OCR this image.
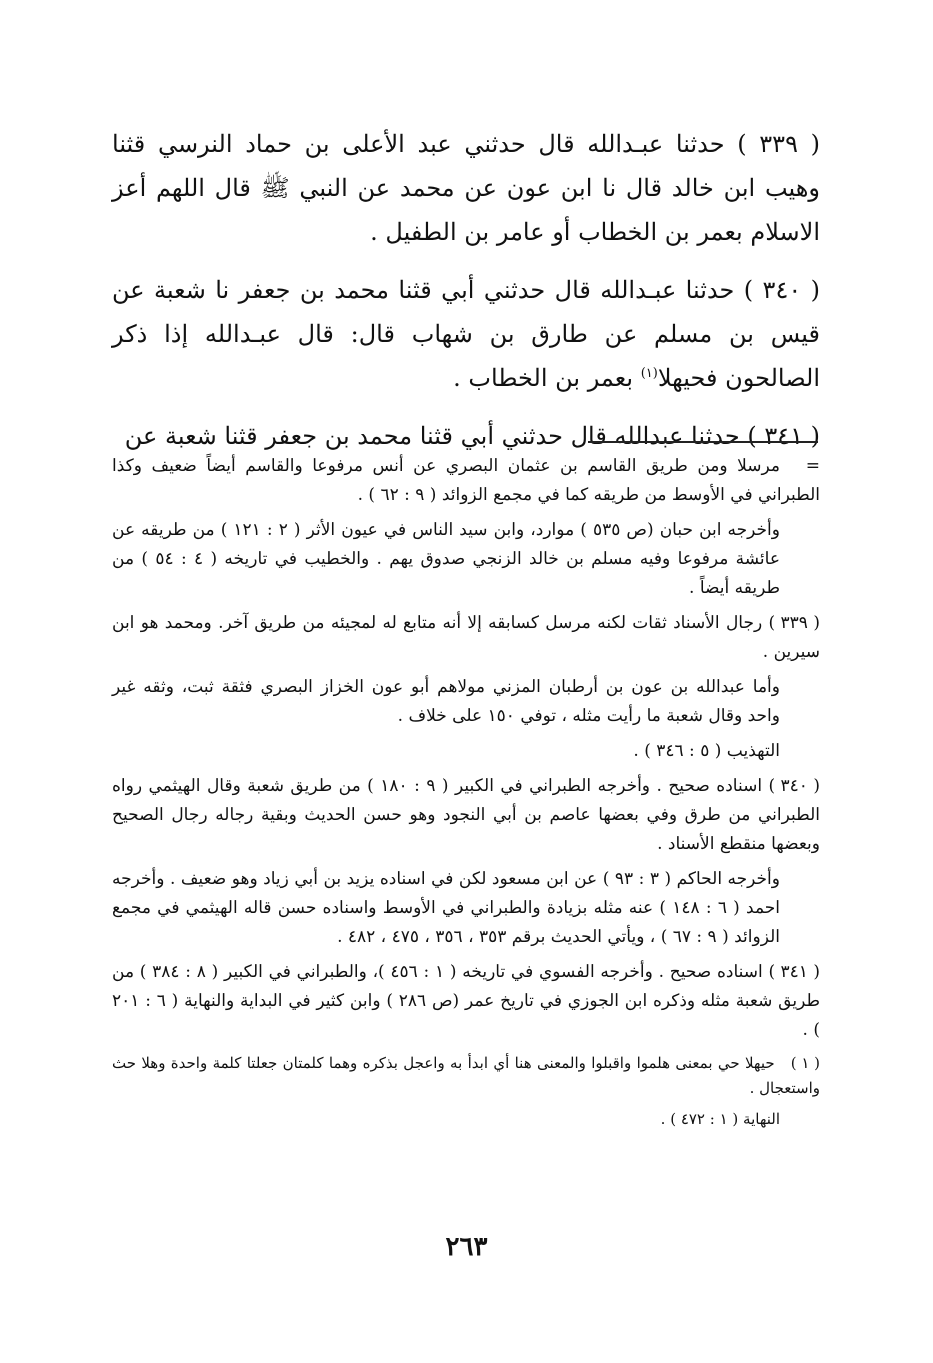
( ٣٣٩ ) حدثنا عبـدالله قال حدثني عبد الأعلى بن حماد النرسي قثنا وهيب ابن خالد قال نا ابن عون عن محمد عن النبي ﷺ قال اللهم أعز الاسلام بعمر بن الخطاب أو عامر بن الطفيل .

( ٣٤٠ ) حدثنا عبـدالله قال حدثني أبي قثنا محمد بن جعفر نا شعبة عن قيس بن مسلم عن طارق بن شهاب قال: قال عبـدالله إذا ذكر الصالحون فحيهلا$^{(١)}$ بعمر بن الخطاب .

( ٣٤١ ) حدثنا عبدالله قال حدثني أبي قثنا محمد بن جعفر قثنا شعبة عن

=مرسلا ومن طريق القاسم بن عثمان البصري عن أنس مرفوعا والقاسم أيضاً ضعيف وكذا الطبراني في الأوسط من طريقه كما في مجمع الزوائد ( ٩ : ٦٢ ) .
وأخرجه ابن حبان (ص ٥٣٥ ) موارد، وابن سيد الناس في عيون الأثر ( ٢ : ١٢١ ) من طريقه عن عائشة مرفوعا وفيه مسلم بن خالد الزنجي صدوق يهم . والخطيب في تاريخه ( ٤ : ٥٤ ) من طريقه أيضاً .
( ٣٣٩ ) رجال الأسناد ثقات لكنه مرسل كسابقه إلا أنه متابع له لمجيئه من طريق آخر. ومحمد هو ابن سيرين .
وأما عبدالله بن عون بن أرطبان المزني مولاهم أبو عون الخزاز البصري فثقة ثبت، وثقه غير واحد وقال شعبة ما رأيت مثله ، توفي ١٥٠ على خلاف .
التهذيب ( ٥ : ٣٤٦ ) .
( ٣٤٠ ) اسناده صحيح . وأخرجه الطبراني في الكبير ( ٩ : ١٨٠ ) من طريق شعبة وقال الهيثمي رواه الطبراني من طرق وفي بعضها عاصم بن أبي النجود وهو حسن الحديث وبقية رجاله رجال الصحيح وبعضها منقطع الأسناد .
وأخرجه الحاكم ( ٣ : ٩٣ ) عن ابن مسعود لكن في اسناده يزيد بن أبي زياد وهو ضعيف . وأخرجه احمد ( ٦ : ١٤٨ ) عنه مثله بزيادة والطبراني في الأوسط واسناده حسن قاله الهيثمي في مجمع الزوائد ( ٩ : ٦٧ ) ، ويأتي الحديث برقم ٣٥٣ ، ٣٥٦ ، ٤٧٥ ، ٤٨٢ .
( ٣٤١ ) اسناده صحيح . وأخرجه الفسوي في تاريخه ( ١ : ٤٥٦ )، والطبراني في الكبير ( ٨ : ٣٨٤ ) من طريق شعبة مثله وذكره ابن الجوزي في تاريخ عمر (ص ٢٨٦ ) وابن كثير في البداية والنهاية ( ٦ : ٢٠١ ) .
( ١ ) حيهلا حي بمعنى هلموا واقبلوا والمعنى هنا أي ابدأ به واعجل بذكره وهما كلمتان جعلتا كلمة واحدة وهلا حث واستعجال .
النهاية ( ١ : ٤٧٢ ) .
٢٦٣
